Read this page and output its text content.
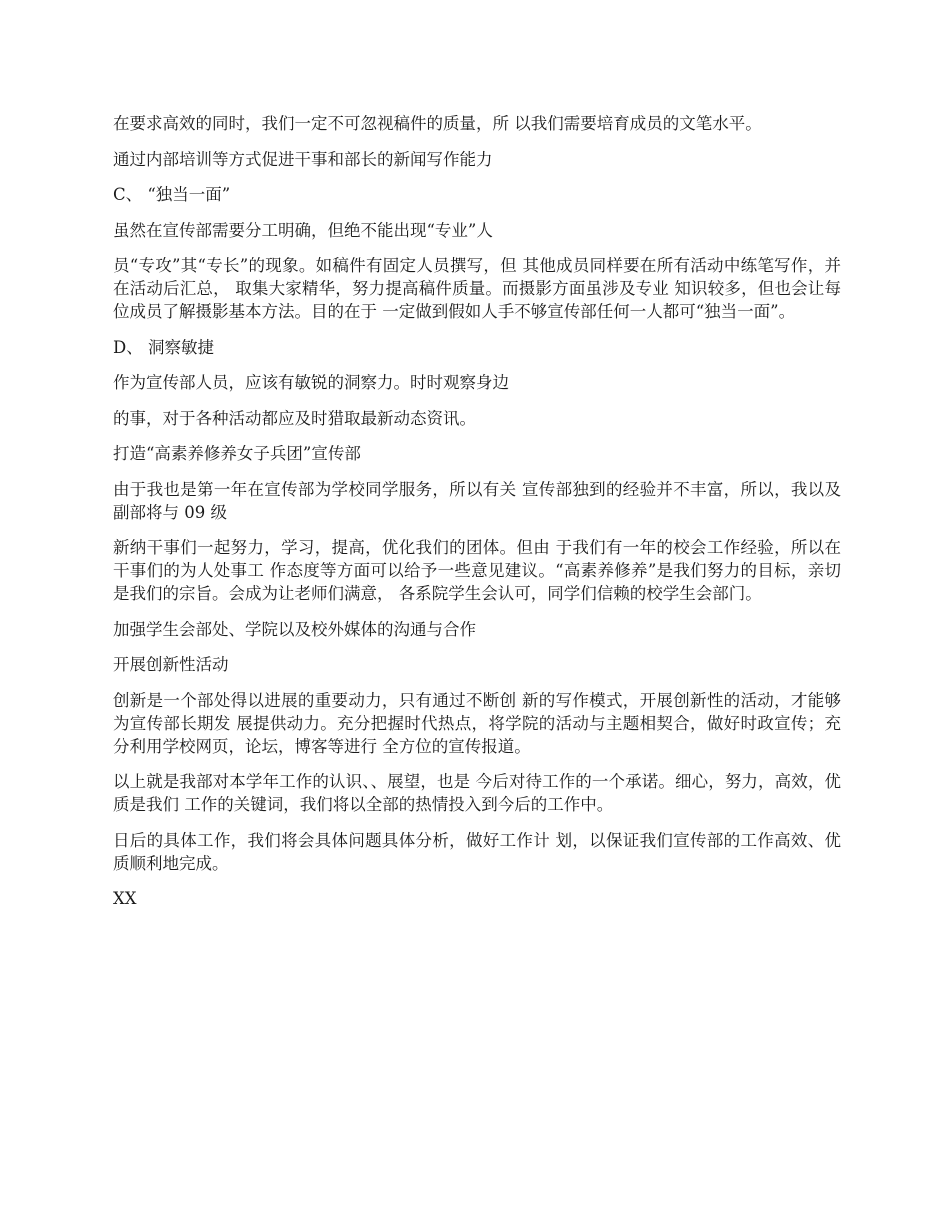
在要求高效的同时，我们一定不可忽视稿件的质量，所 以我们需要培育成员的文笔水平。

通过内部培训等方式促进干事和部长的新闻写作能力

C、 “独当一面”

虽然在宣传部需要分工明确，但绝不能出现“专业”人

员“专攻”其“专长”的现象。如稿件有固定人员撰写，但 其他成员同样要在所有活动中练笔写作，并在活动后汇总， 取集大家精华，努力提高稿件质量。而摄影方面虽涉及专业 知识较多，但也会让每位成员了解摄影基本方法。目的在于 一定做到假如人手不够宣传部任何一人都可“独当一面”。

D、 洞察敏捷

作为宣传部人员，应该有敏锐的洞察力。时时观察身边

的事，对于各种活动都应及时猎取最新动态资讯。

打造“高素养修养女子兵团”宣传部

由于我也是第一年在宣传部为学校同学服务，所以有关 宣传部独到的经验并不丰富，所以，我以及副部将与 09 级

新纳干事们一起努力，学习，提高，优化我们的团体。但由 于我们有一年的校会工作经验，所以在干事们的为人处事工 作态度等方面可以给予一些意见建议。“高素养修养”是我们努力的目标，亲切是我们的宗旨。会成为让老师们满意， 各系院学生会认可，同学们信赖的校学生会部门。

加强学生会部处、学院以及校外媒体的沟通与合作

开展创新性活动

创新是一个部处得以进展的重要动力，只有通过不断创 新的写作模式，开展创新性的活动，才能够为宣传部长期发 展提供动力。充分把握时代热点，将学院的活动与主题相契合，做好时政宣传；充分利用学校网页，论坛，博客等进行 全方位的宣传报道。

以上就是我部对本学年工作的认识、、展望，也是 今后对待工作的一个承诺。细心，努力，高效，优质是我们 工作的关键词，我们将以全部的热情投入到今后的工作中。

日后的具体工作，我们将会具体问题具体分析，做好工作计 划，以保证我们宣传部的工作高效、优质顺利地完成。

XX
